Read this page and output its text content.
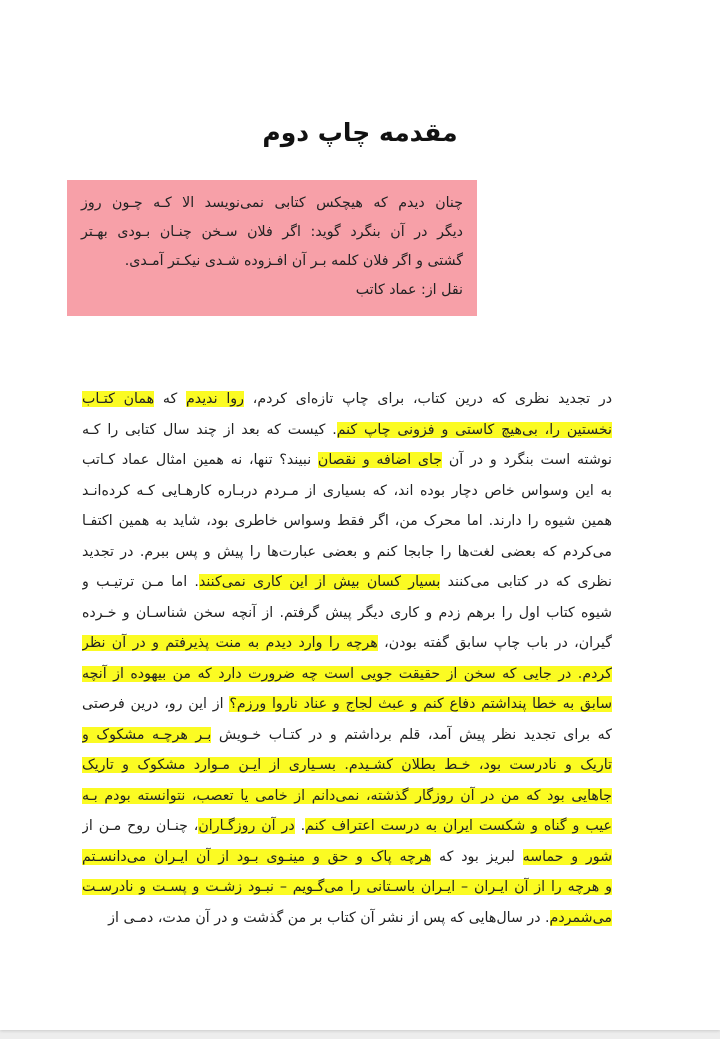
مقدمه چاپ دوم
چنان دیدم که هیچکس کتابی نمی‌نویسد الا کـه چـون روز
دیگر در آن بنگرد گوید: اگر فلان سـخن چنـان بـودی بهـتر
گشتی و اگر فلان کلمه بـر آن افـزوده شـدی نیکـتر آمـدی.
نقل از: عماد کاتب
در تجدید نظری که درین کتاب، برای چاپ تازه‌ای کردم، روا ندیدم که همان کتـاب
نخستین را، بی‌هیچ کاستی و فزونی چاپ کنم. کیست که بعد از چند سال کتابی را کـه
نوشته است بنگرد و در آن جای اضافه و نقصان نبیند؟ تنها، نه همین امثال عماد کـاتب
به این وسواس خاص دچار بوده اند، که بسیاری از مـردم دربـاره کارهـایی کـه کرده‌انـد
همین شیوه را دارند. اما محرک من، اگر فقط وسواس خاطری بود، شاید به همین اکتفـا
می‌کردم که بعضی لغت‌ها را جابجا کنم و بعضی عبارت‌ها را پیش و پس ببرم. در تجدید
نظری که در کتابی می‌کنند بسیار کسان بیش از این کاری نمی‌کنند. اما مـن ترتیـب و
شیوه کتاب اول را برهم زدم و کاری دیگر پیش گرفتم. از آنچه سخن شناسـان و خـرده
گیران، در باب چاپ سابق گفته بودن، هرچه را وارد دیدم به منت پذیرفتم و در آن نظر
کردم. در جایی که سخن از حقیقت جویی است چه ضرورت دارد که من بیهوده از آنچه
سابق به خطا پنداشتم دفاع کنم و عبث لجاج و عناد ناروا ورزم؟ از این رو، درین فرصتی
که برای تجدید نظر پیش آمد، قلم برداشتم و در کتـاب خـویش بـر هرچـه مشکوک و
تاریک و نادرست بود، خـط بطلان کشـیدم. بسـیاری از ایـن مـوارد مشکوک و تاریک
جاهایی بود که من در آن روزگار گذشته، نمی‌دانم از خامی یا تعصب، نتوانسته بودم بـه
عیب و گناه و شکست ایران به درست اعتراف کنم. در آن روزگـاران، چنـان روح مـن از
شور و حماسه لبریز بود که هرچه پاک و حق و مینـوی بـود از آن ایـران می‌دانسـتم
و هرچه را از آن ایـران – ایـران باسـتانی را می‌گـویم – نبـود زشـت و پسـت و نادرسـت
می‌شمردم. در سال‌هایی که پس از نشر آن کتاب بر من گذشت و در آن مدت، دمـی از
